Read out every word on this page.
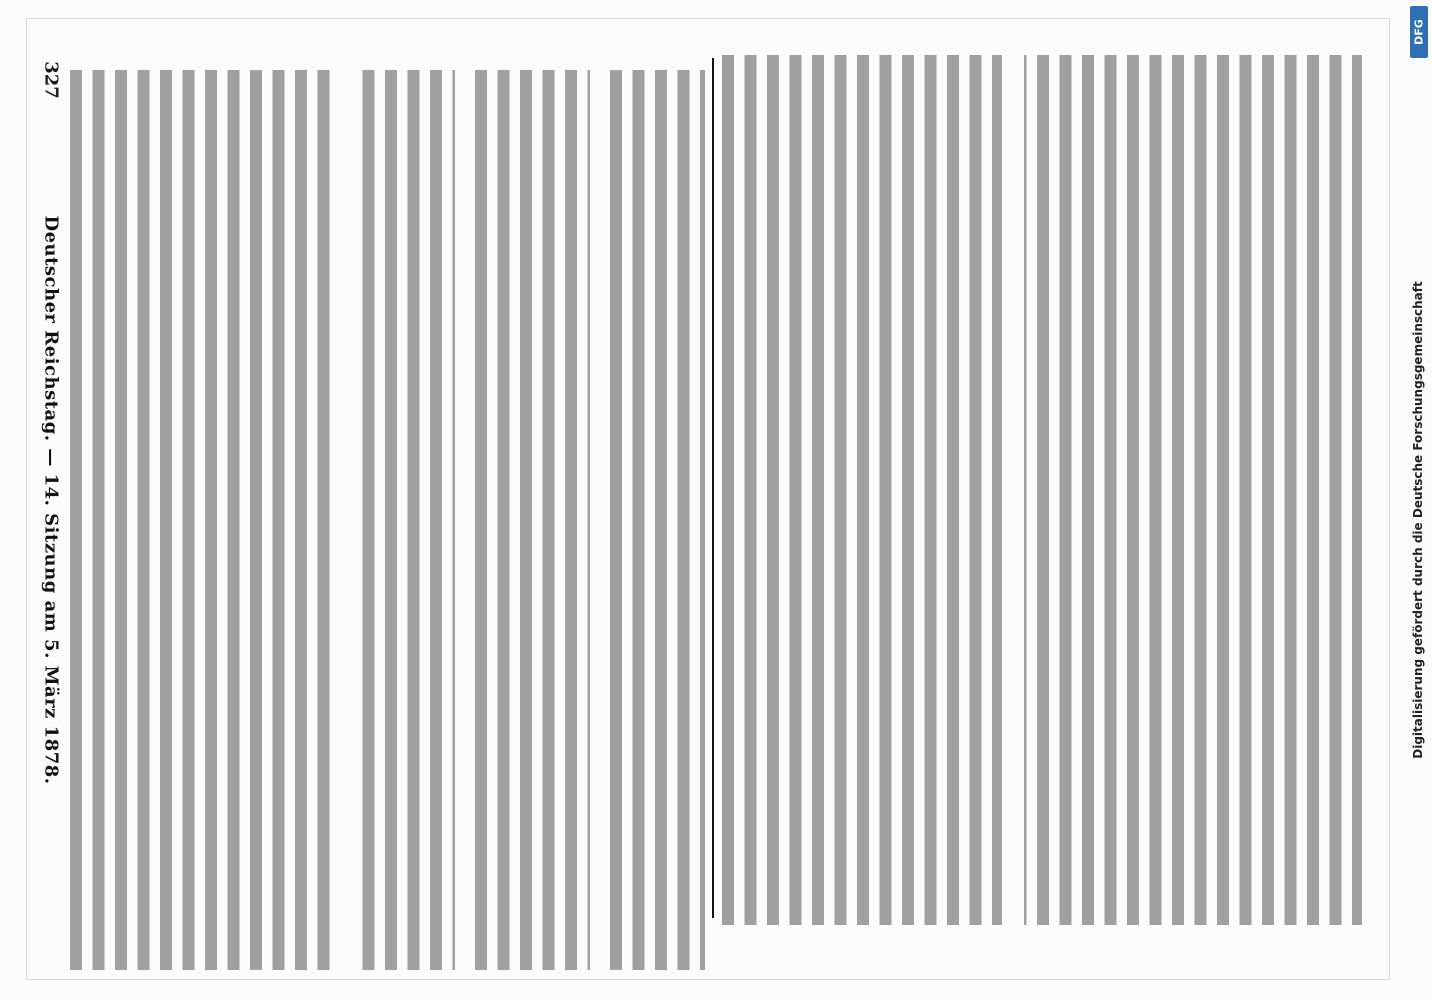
Deutscher Reichstag. — 14. Sitzung am 5. März 1878.
327
DFG
Digitalisierung gefördert durch die Deutsche Forschungsgemeinschaft
